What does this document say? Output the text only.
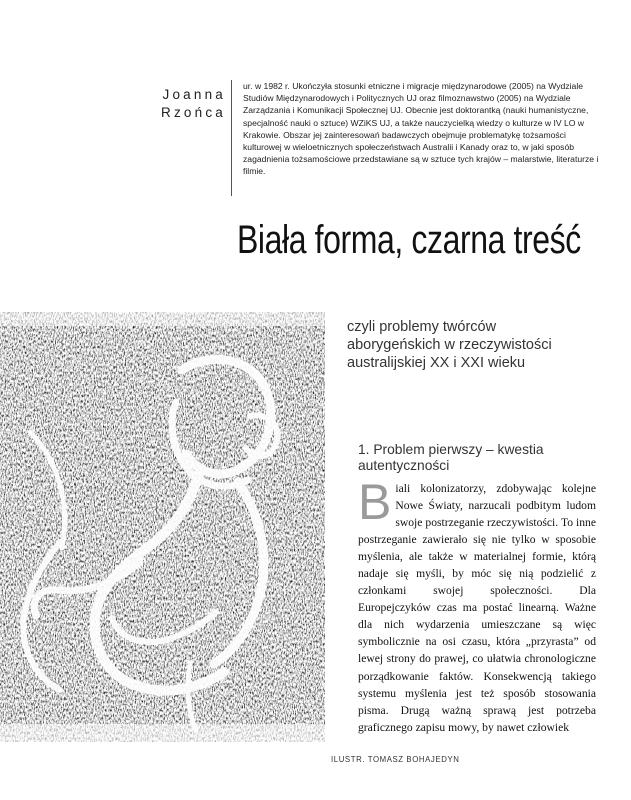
Joanna
Rzońca
ur. w 1982 r. Ukończyła stosunki etniczne i migracje międzynarodowe (2005) na Wydziale Studiów Międzynarodowych i Politycznych UJ oraz filmoznawstwo (2005) na Wydziale Zarządzania i Komunikacji Społecznej UJ. Obecnie jest doktorantką (nauki humanistyczne, specjalność nauki o sztuce) WZiKS UJ, a także nauczycielką wiedzy o kulturze w IV LO w Krakowie. Obszar jej zainteresowań badawczych obejmuje problematykę tożsamości kulturowej w wieloetnicznych społeczeństwach Australii i Kanady oraz to, w jaki sposób zagadnienia tożsamościowe przedstawiane są w sztuce tych krajów – malarstwie, literaturze i filmie.
Biała forma, czarna treść
czyli problemy twórców
aborygeńskich w rzeczywistości
australijskiej XX i XXI wieku
1. Problem pierwszy – kwestia autentyczności
B iali kolonizatorzy, zdobywając kolejne Nowe Światy, narzucali podbitym ludom swoje postrzeganie rzeczywistości. To inne postrzeganie zawierało się nie tylko w sposobie myślenia, ale także w materialnej formie, którą nadaje się myśli, by móc się nią podzielić z członkami swojej społeczności. Dla Europejczyków czas ma postać linearną. Ważne dla nich wydarzenia umieszczane są więc symbolicznie na osi czasu, która „przyrasta” od lewej strony do prawej, co ułatwia chronologiczne porządkowanie faktów. Konsekwencją takiego systemu myślenia jest też sposób stosowania pisma. Drugą ważną sprawą jest potrzeba graficznego zapisu mowy, by nawet człowiek
ILUSTR. TOMASZ BOHAJEDYN
